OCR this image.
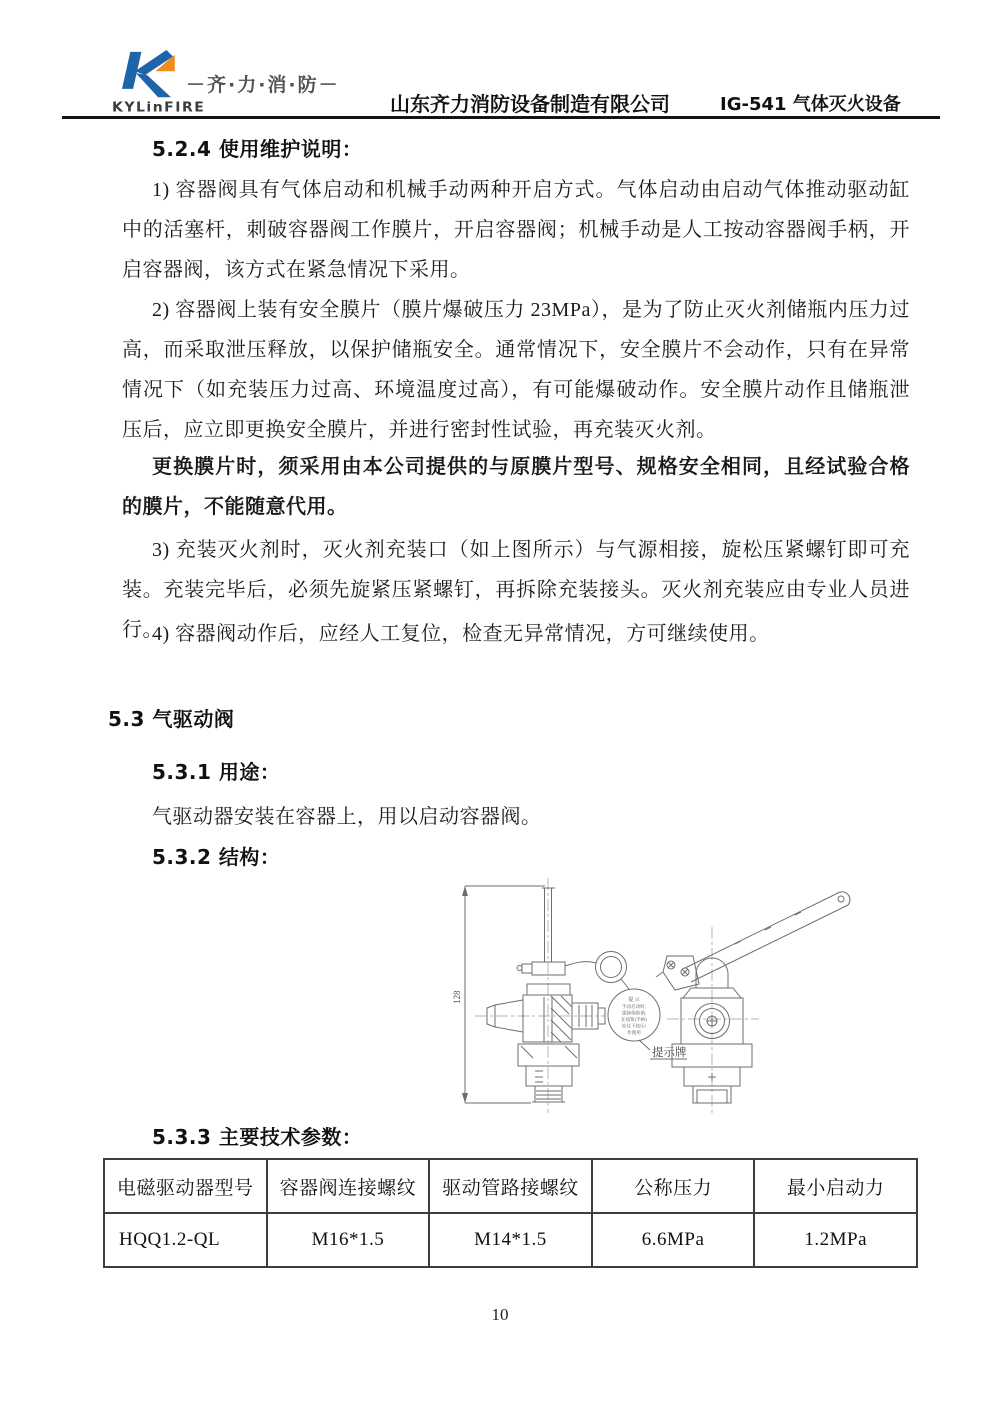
KYLinFIRE
－齐·力·消·防－
山东齐力消防设备制造有限公司	IG-541 气体灭火设备
5.2.4 使用维护说明：
1) 容器阀具有气体启动和机械手动两种开启方式。气体启动由启动气体推动驱动缸中的活塞杆，刺破容器阀工作膜片，开启容器阀；机械手动是人工按动容器阀手柄，开启容器阀，该方式在紧急情况下采用。
2) 容器阀上装有安全膜片（膜片爆破压力 23MPa），是为了防止灭火剂储瓶内压力过高，而采取泄压释放，以保护储瓶安全。通常情况下，安全膜片不会动作，只有在异常情况下（如充装压力过高、环境温度过高），有可能爆破动作。安全膜片动作且储瓶泄压后，应立即更换安全膜片，并进行密封性试验，再充装灭火剂。
更换膜片时，须采用由本公司提供的与原膜片型号、规格安全相同，且经试验合格的膜片，不能随意代用。
3) 充装灭火剂时，灭火剂充装口（如上图所示）与气源相接，旋松压紧螺钉即可充装。充装完毕后，必须先旋紧压紧螺钉，再拆除充装接头。灭火剂充装应由专业人员进行。
4) 容器阀动作后，应经人工复位，检查无异常情况，方可继续使用。
5.3 气驱动阀
5.3.1 用途：
气驱动器安装在容器上，用以启动容器阀。
5.3.2 结构：
128	提 示
手动启动时,
拔掉保险销,
在按钮(手柄)
处往下按压!
作使用
提示牌
5.3.3 主要技术参数：
电磁驱动器型号	容器阀连接螺纹	驱动管路接螺纹	公称压力	最小启动力
HQQ1.2-QL	M16*1.5	M14*1.5	6.6MPa	1.2MPa
10
